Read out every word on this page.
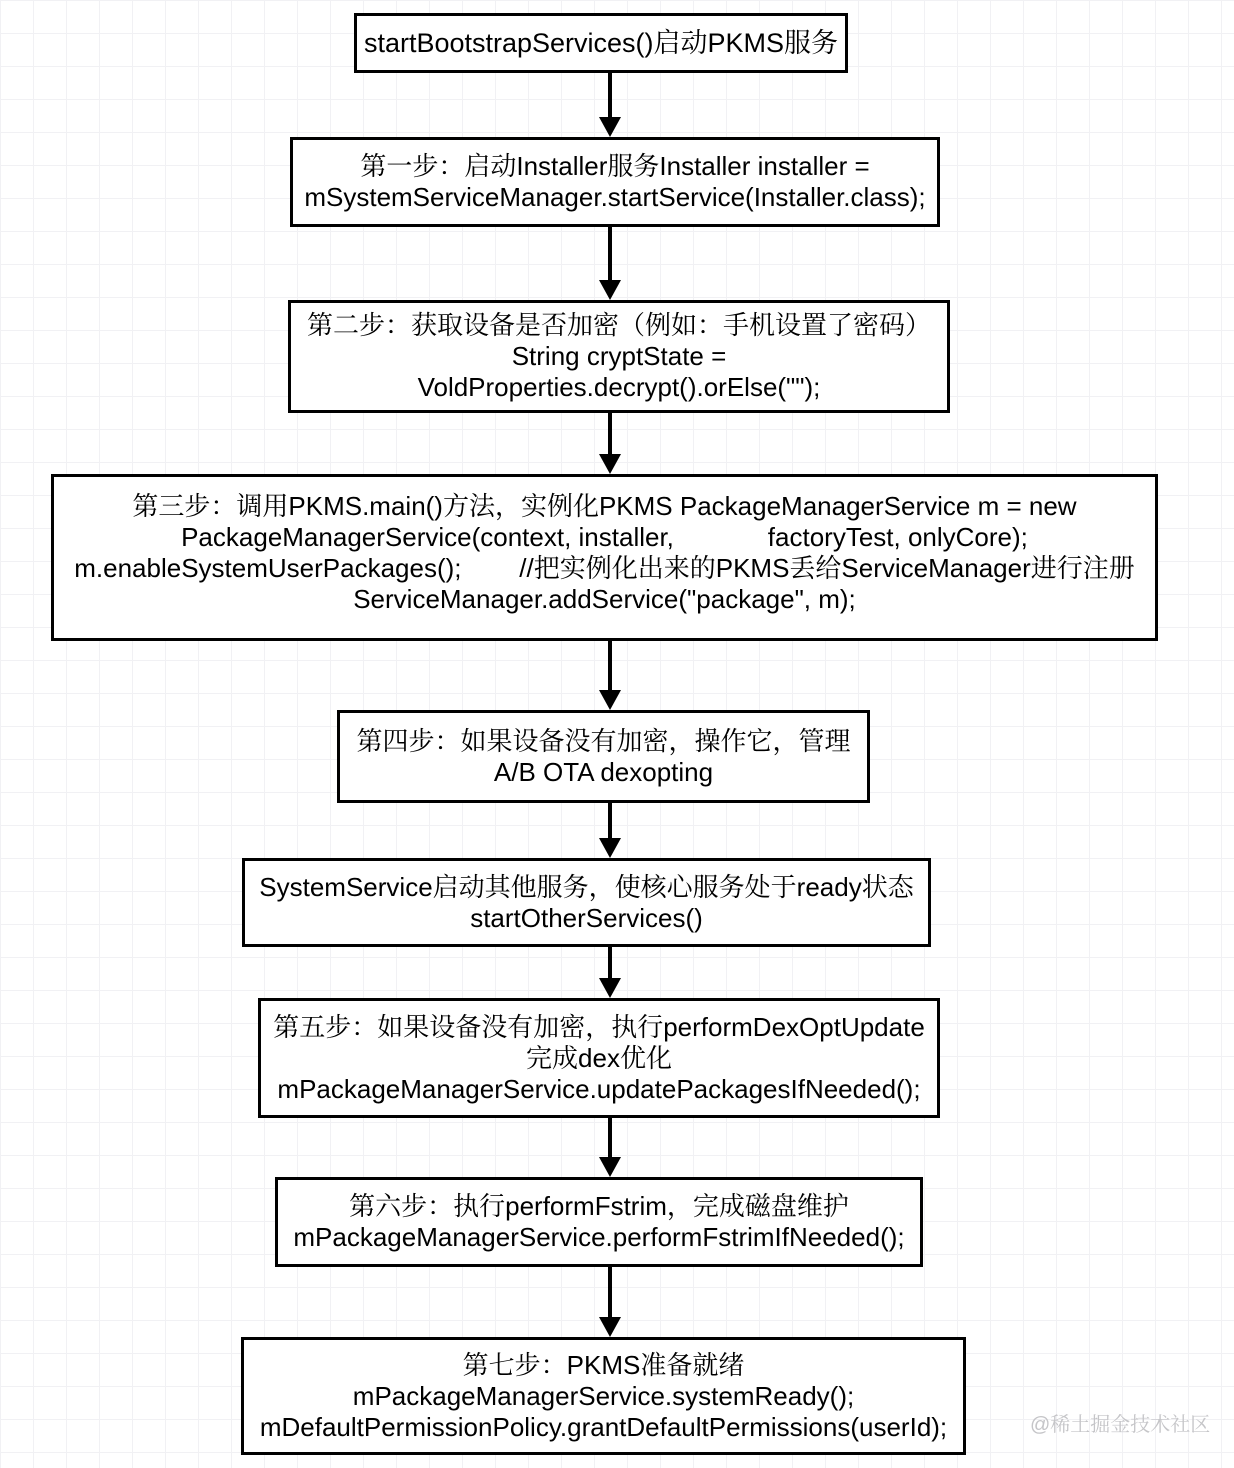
startBootstrapServices()启动PKMS服务
第一步：启动Installer服务Installer installer =
mSystemServiceManager.startService(Installer.class);
第二步：获取设备是否加密（例如：手机设置了密码）
String cryptState =
VoldProperties.decrypt().orElse("");
第三步：调用PKMS.main()方法，实例化PKMS PackageManagerService m = new
PackageManagerService(context, installer,             factoryTest, onlyCore);
m.enableSystemUserPackages();        //把实例化出来的PKMS丢给ServiceManager进行注册
ServiceManager.addService("package", m);
第四步：如果设备没有加密，操作它，管理
A/B OTA dexopting
SystemService启动其他服务，使核心服务处于ready状态
startOtherServices()
第五步：如果设备没有加密，执行performDexOptUpdate
完成dex优化
mPackageManagerService.updatePackagesIfNeeded();
第六步：执行performFstrim，完成磁盘维护
mPackageManagerService.performFstrimIfNeeded();
第七步：PKMS准备就绪
mPackageManagerService.systemReady();
mDefaultPermissionPolicy.grantDefaultPermissions(userId);	@稀土掘金技术社区
